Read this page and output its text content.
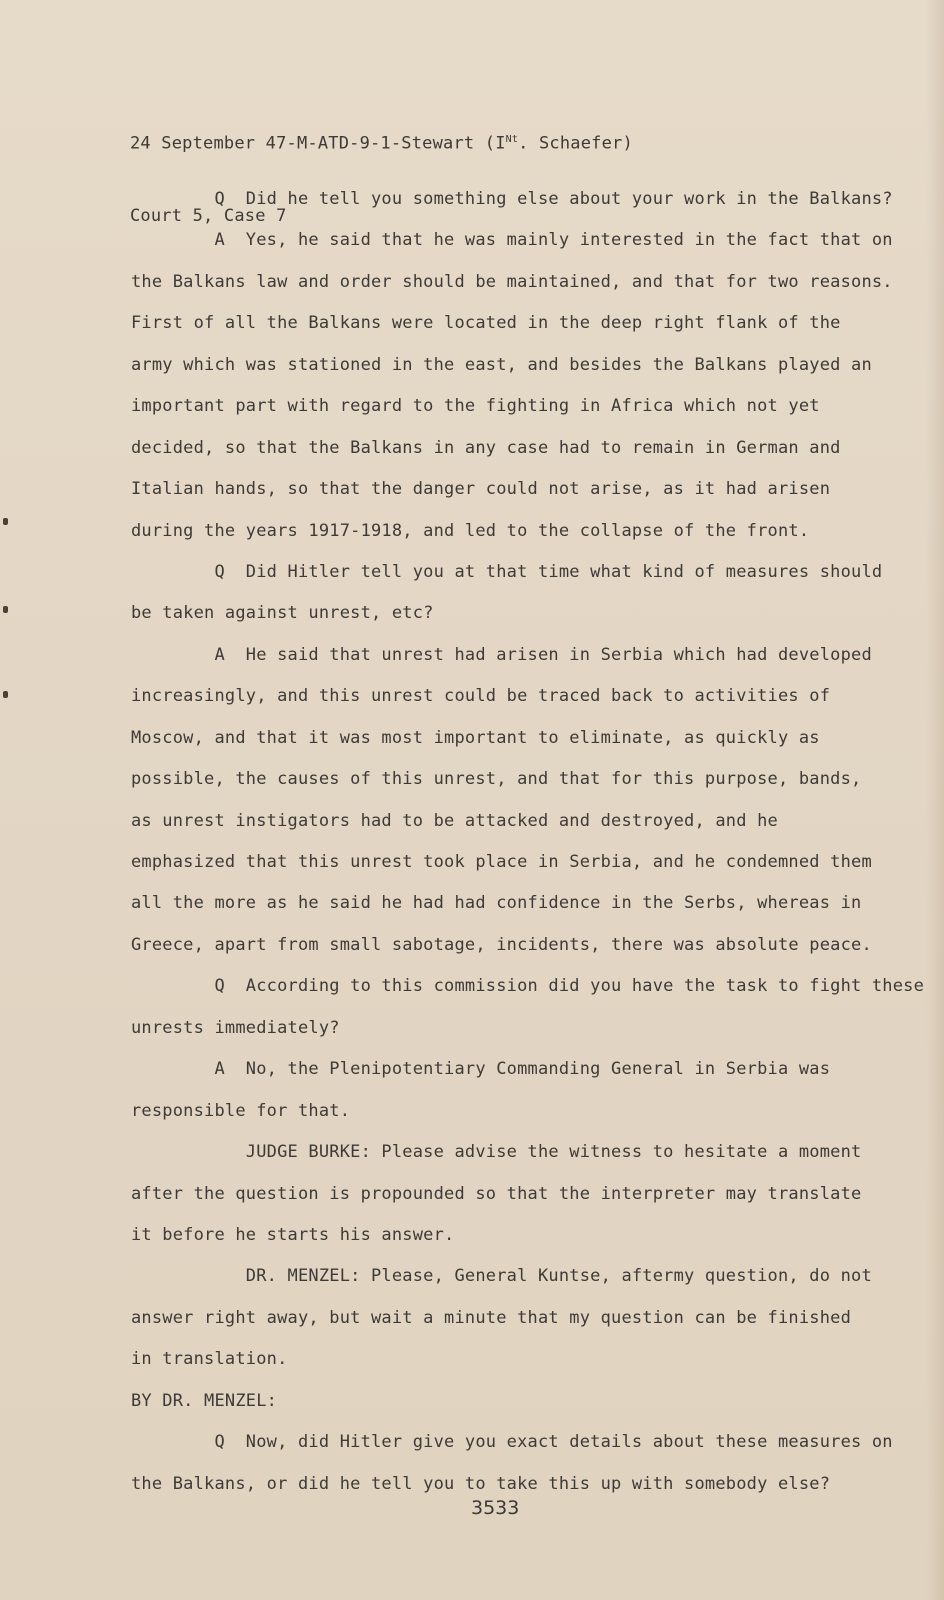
24 September 47-M-ATD-9-1-Stewart ($I^{Nt}$. Schaefer)

Court 5, Case 7

Q  Did he tell you something else about your work in the Balkans?
A  Yes, he said that he was mainly interested in the fact that on
the Balkans law and order should be maintained, and that for two reasons.
First of all the Balkans were located in the deep right flank of the
army which was stationed in the east, and besides the Balkans played an
important part with regard to the fighting in Africa which not yet
decided, so that the Balkans in any case had to remain in German and
Italian hands, so that the danger could not arise, as it had arisen
during the years 1917-1918, and led to the collapse of the front.
Q  Did Hitler tell you at that time what kind of measures should
be taken against unrest, etc?
A  He said that unrest had arisen in Serbia which had developed
increasingly, and this unrest could be traced back to activities of
Moscow, and that it was most important to eliminate, as quickly as
possible, the causes of this unrest, and that for this purpose, bands,
as unrest instigators had to be attacked and destroyed, and he
emphasized that this unrest took place in Serbia, and he condemned them
all the more as he said he had had confidence in the Serbs, whereas in
Greece, apart from small sabotage, incidents, there was absolute peace.
Q  According to this commission did you have the task to fight these
unrests immediately?
A  No, the Plenipotentiary Commanding General in Serbia was
responsible for that.
JUDGE BURKE: Please advise the witness to hesitate a moment
after the question is propounded so that the interpreter may translate
it before he starts his answer.
DR. MENZEL: Please, General Kuntse, aftermy question, do not
answer right away, but wait a minute that my question can be finished
in translation.
BY DR. MENZEL:
Q  Now, did Hitler give you exact details about these measures on
the Balkans, or did he tell you to take this up with somebody else?
3533
